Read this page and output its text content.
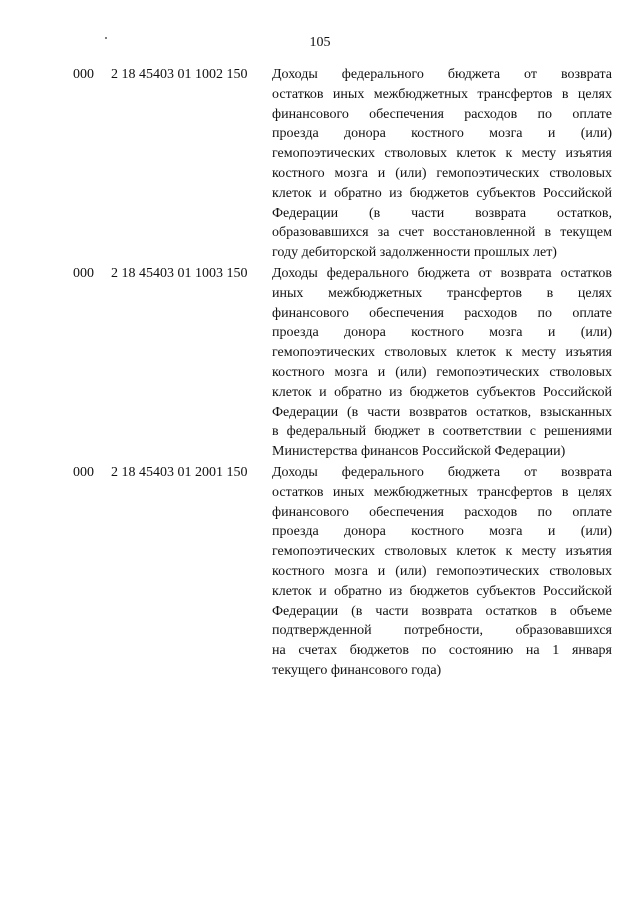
105
000 2 18 45403 01 1002 150 Доходы федерального бюджета от возврата
остатков иных межбюджетных трансфертов в целях
финансового обеспечения расходов по оплате
проезда донора костного мозга и (или)
гемопоэтических стволовых клеток к месту изъятия
костного мозга и (или) гемопоэтических стволовых
клеток и обратно из бюджетов субъектов Российской
Федерации (в части возврата остатков,
образовавшихся за счет восстановленной в текущем
году дебиторской задолженности прошлых лет)
000 2 18 45403 01 1003 150 Доходы федерального бюджета от возврата остатков
иных межбюджетных трансфертов в целях
финансового обеспечения расходов по оплате
проезда донора костного мозга и (или)
гемопоэтических стволовых клеток к месту изъятия
костного мозга и (или) гемопоэтических стволовых
клеток и обратно из бюджетов субъектов Российской
Федерации (в части возвратов остатков, взысканных
в федеральный бюджет в соответствии с решениями
Министерства финансов Российской Федерации)
000 2 18 45403 01 2001 150 Доходы федерального бюджета от возврата
остатков иных межбюджетных трансфертов в целях
финансового обеспечения расходов по оплате
проезда донора костного мозга и (или)
гемопоэтических стволовых клеток к месту изъятия
костного мозга и (или) гемопоэтических стволовых
клеток и обратно из бюджетов субъектов Российской
Федерации (в части возврата остатков в объеме
подтвержденной потребности, образовавшихся
на счетах бюджетов по состоянию на 1 января
текущего финансового года)
